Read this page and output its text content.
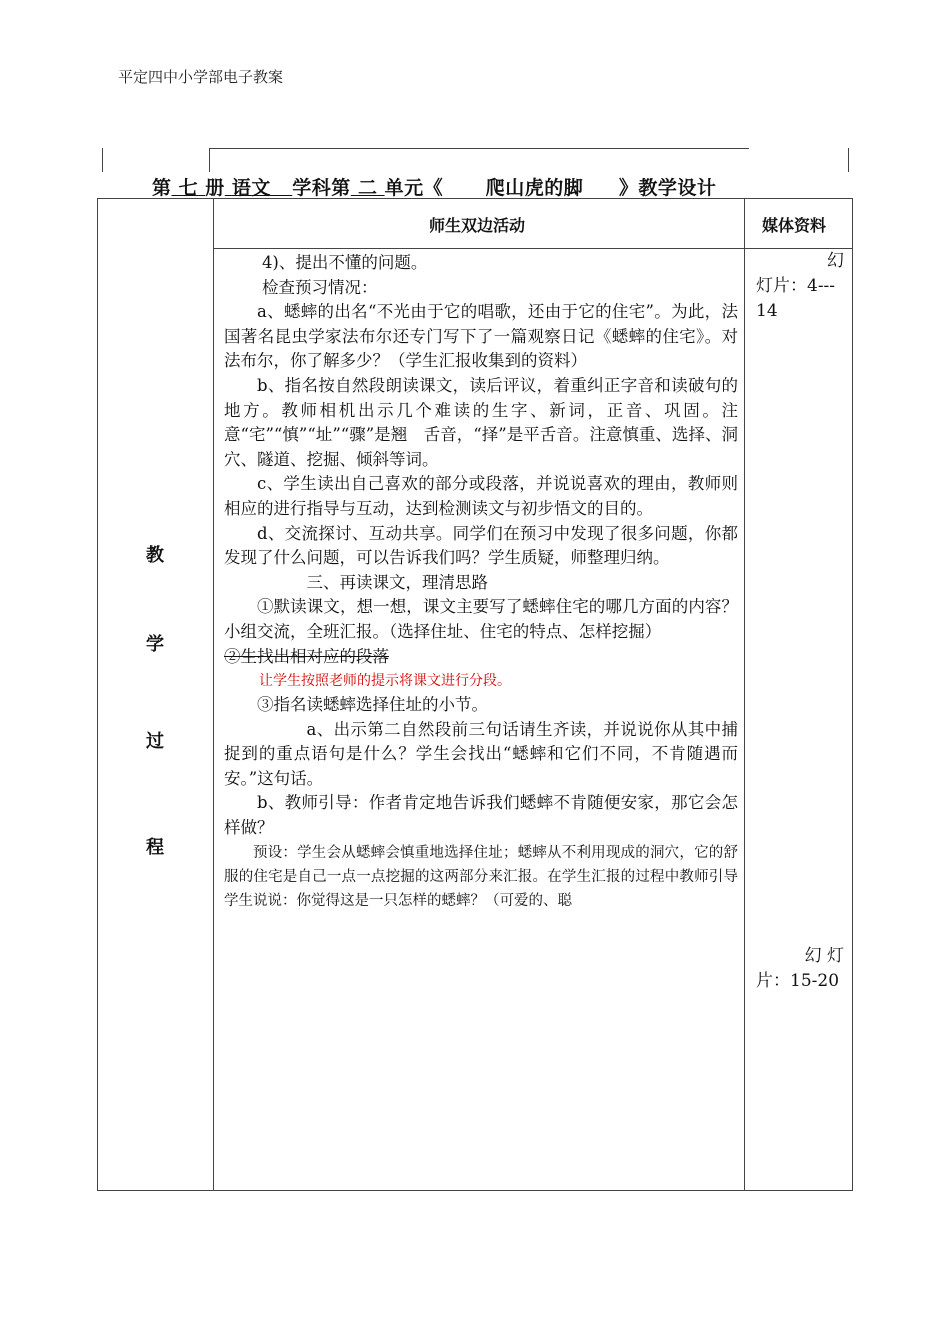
平定四中小学部电子教案
第 七 册 语文 学科第 二 单元《 爬山虎的脚 》教学设计
师生双边活动	媒体资料
教
学
过
程

4)、提出不懂的问题。

检查预习情况：

a、蟋蟀的出名“不光由于它的唱歌，还由于它的住宅”。为此，法国著名昆虫学家法布尔还专门写下了一篇观察日记《蟋蟀的住宅》。对法布尔，你了解多少？（学生汇报收集到的资料）

b、指名按自然段朗读课文，读后评议，着重纠正字音和读破句的地方。教师相机出示几个难读的生字、新词，正音、巩固。注意“宅”“慎”“址”“骤”是翘　舌音，“择”是平舌音。注意慎重、选择、洞穴、隧道、挖掘、倾斜等词。

c、学生读出自己喜欢的部分或段落，并说说喜欢的理由，教师则相应的进行指导与互动，达到检测读文与初步悟文的目的。

d、交流探讨、互动共享。同学们在预习中发现了很多问题，你都发现了什么问题，可以告诉我们吗？学生质疑，师整理归纳。

三、再读课文，理清思路

①默读课文，想一想，课文主要写了蟋蟀住宅的哪几方面的内容？小组交流，全班汇报。（选择住址、住宅的特点、怎样挖掘）

②生找出相对应的段落

让学生按照老师的提示将课文进行分段。

③指名读蟋蟀选择住址的小节。

a、出示第二自然段前三句话请生齐读，并说说你从其中捕捉到的重点语句是什么？学生会找出“蟋蟀和它们不同，不肯随遇而安。”这句话。

b、教师引导：作者肯定地告诉我们蟋蟀不肯随便安家，那它会怎样做？

预设：学生会从蟋蟀会慎重地选择住址；蟋蟀从不利用现成的洞穴，它的舒服的住宅是自己一点一点挖掘的这两部分来汇报。在学生汇报的过程中教师引导学生说说：你觉得这是一只怎样的蟋蟀？（可爱的、聪

幻
灯片：4---
14
幻 灯
片：15-20
